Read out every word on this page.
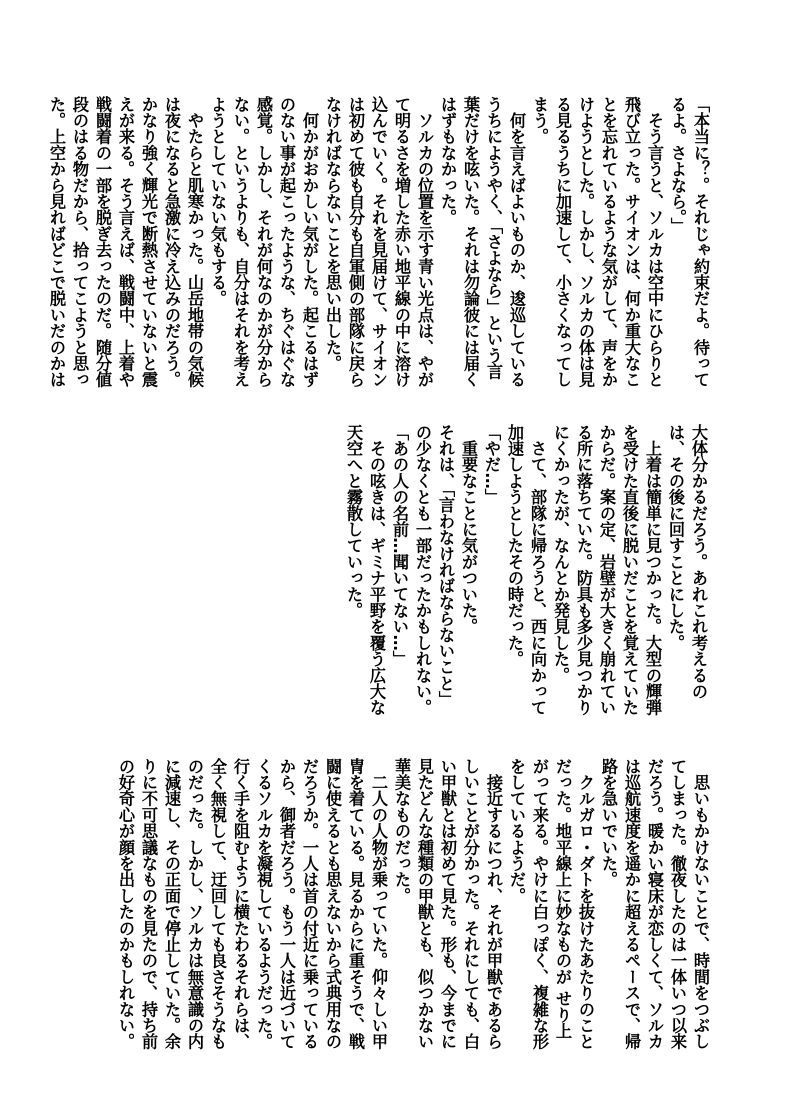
「本当に？。それじゃ約束だよ。待って
るよ。さよなら。」
　そう言うと、ソルカは空中にひらりと
飛び立った。サイオンは、何か重大なこ
とを忘れているような気がして、声をか
けようとした。しかし、ソルカの体は見
る見るうちに加速して、小さくなってし
まう。
　何を言えばよいものか、逡巡している
うちにようやく、「さよなら」という言
葉だけを呟いた。それは勿論彼には届く
はずもなかった。
　ソルカの位置を示す青い光点は、やが
て明るさを増した赤い地平線の中に溶け
込んでいく。それを見届けて、サイオン
は初めて彼も自分も自軍側の部隊に戻ら
なければならないことを思い出した。
　何かがおかしい気がした。起こるはず
のない事が起こったような、ちぐはぐな
感覚。しかし、それが何なのかが分から
ない。というよりも、自分はそれを考え
ようとしていない気もする。
　やたらと肌寒かった。山岳地帯の気候
は夜になると急激に冷え込みのだろう。
かなり強く輝光で断熱させていないと震
えが来る。そう言えば、戦闘中、上着や
戦闘着の一部を脱ぎ去ったのだ。随分値
段のはる物だから、拾ってこようと思っ
た。上空から見ればどこで脱いだのかは
大体分かるだろう。あれこれ考えるの
は、その後に回すことにした。
　上着は簡単に見つかった。大型の輝弾
を受けた直後に脱いだことを覚えていた
からだ。案の定、岩壁が大きく崩れてい
る所に落ちていた。防具も多少見つかり
にくかったが、なんとか発見した。
　さて、部隊に帰ろうと、西に向かって
加速しようとしたその時だった。
「やだ…」
　重要なことに気がついた。
それは、「言わなければならないこと」
の少なくとも一部だったかもしれない。
「あの人の名前…聞いてない…」
　その呟きは、ギミナ平野を覆う広大な
天空へと霧散していった。
　思いもかけないことで、時間をつぶし
てしまった。徹夜したのは一体いつ以来
だろう。暖かい寝床が恋しくて、ソルカ
は巡航速度を遥かに超えるペースで、帰
路を急いでいた。
　クルガロ・ダトを抜けたあたりのこと
だった。地平線上に妙なものが せり上
がって来る。やけに白っぽく、複雑な形
をしているようだ。
　接近するにつれ、それが甲獣であるら
しいことが分かった。それにしても、白
い甲獣とは初めて見た。形も、今までに
見たどんな種類の甲獣とも、似つかない
華美なものだった。
　二人の人物が乗っていた。仰々しい甲
冑を着ている。見るからに重そうで、戦
闘に使えるとも思えないから式典用なの
だろうか。一人は首の付近に乗っている
から、御者だろう。もう一人は近づいて
くるソルカを凝視しているようだった。
行く手を阻むように横たわるそれらは、
全く無視して、迂回しても良さそうなも
のだった。しかし、ソルカは無意識の内
に減速し、その正面で停止していた。余
りに不可思議なものを見たので、持ち前
の好奇心が顔を出したのかもしれない。
